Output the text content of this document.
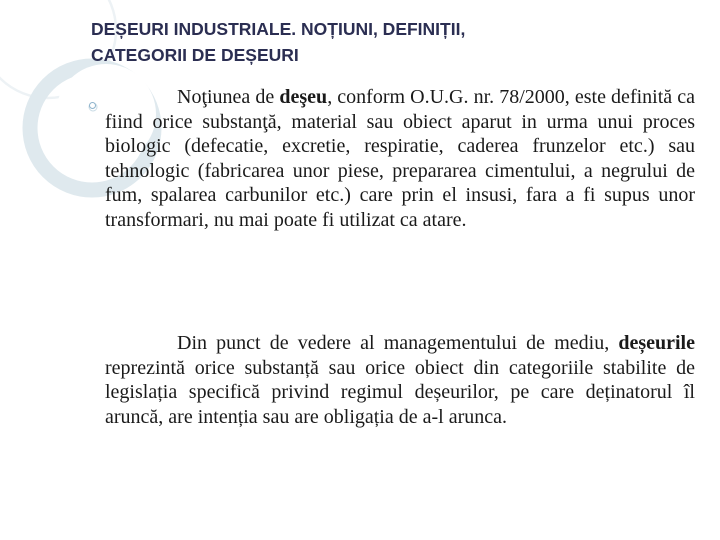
DEȘEURI INDUSTRIALE. NOȚIUNI, DEFINIȚII,
CATEGORII DE DEȘEURI

Noţiunea de deşeu, conform O.U.G. nr. 78/2000, este definită ca fiind orice substanţă, material sau obiect aparut in urma unui proces biologic (defecatie, excretie, respiratie, caderea frunzelor etc.) sau tehnologic (fabricarea unor piese, prepararea cimentului, a negrului de fum, spalarea carbunilor etc.) care prin el insusi, fara a fi supus unor transformari, nu mai poate fi utilizat ca atare.

Din punct de vedere al managementului de mediu, deșeurile reprezintă orice substanță sau orice obiect din categoriile stabilite de legislația specifică privind regimul deșeurilor, pe care deținatorul îl aruncă, are intenția sau are obligația de a-l arunca.
